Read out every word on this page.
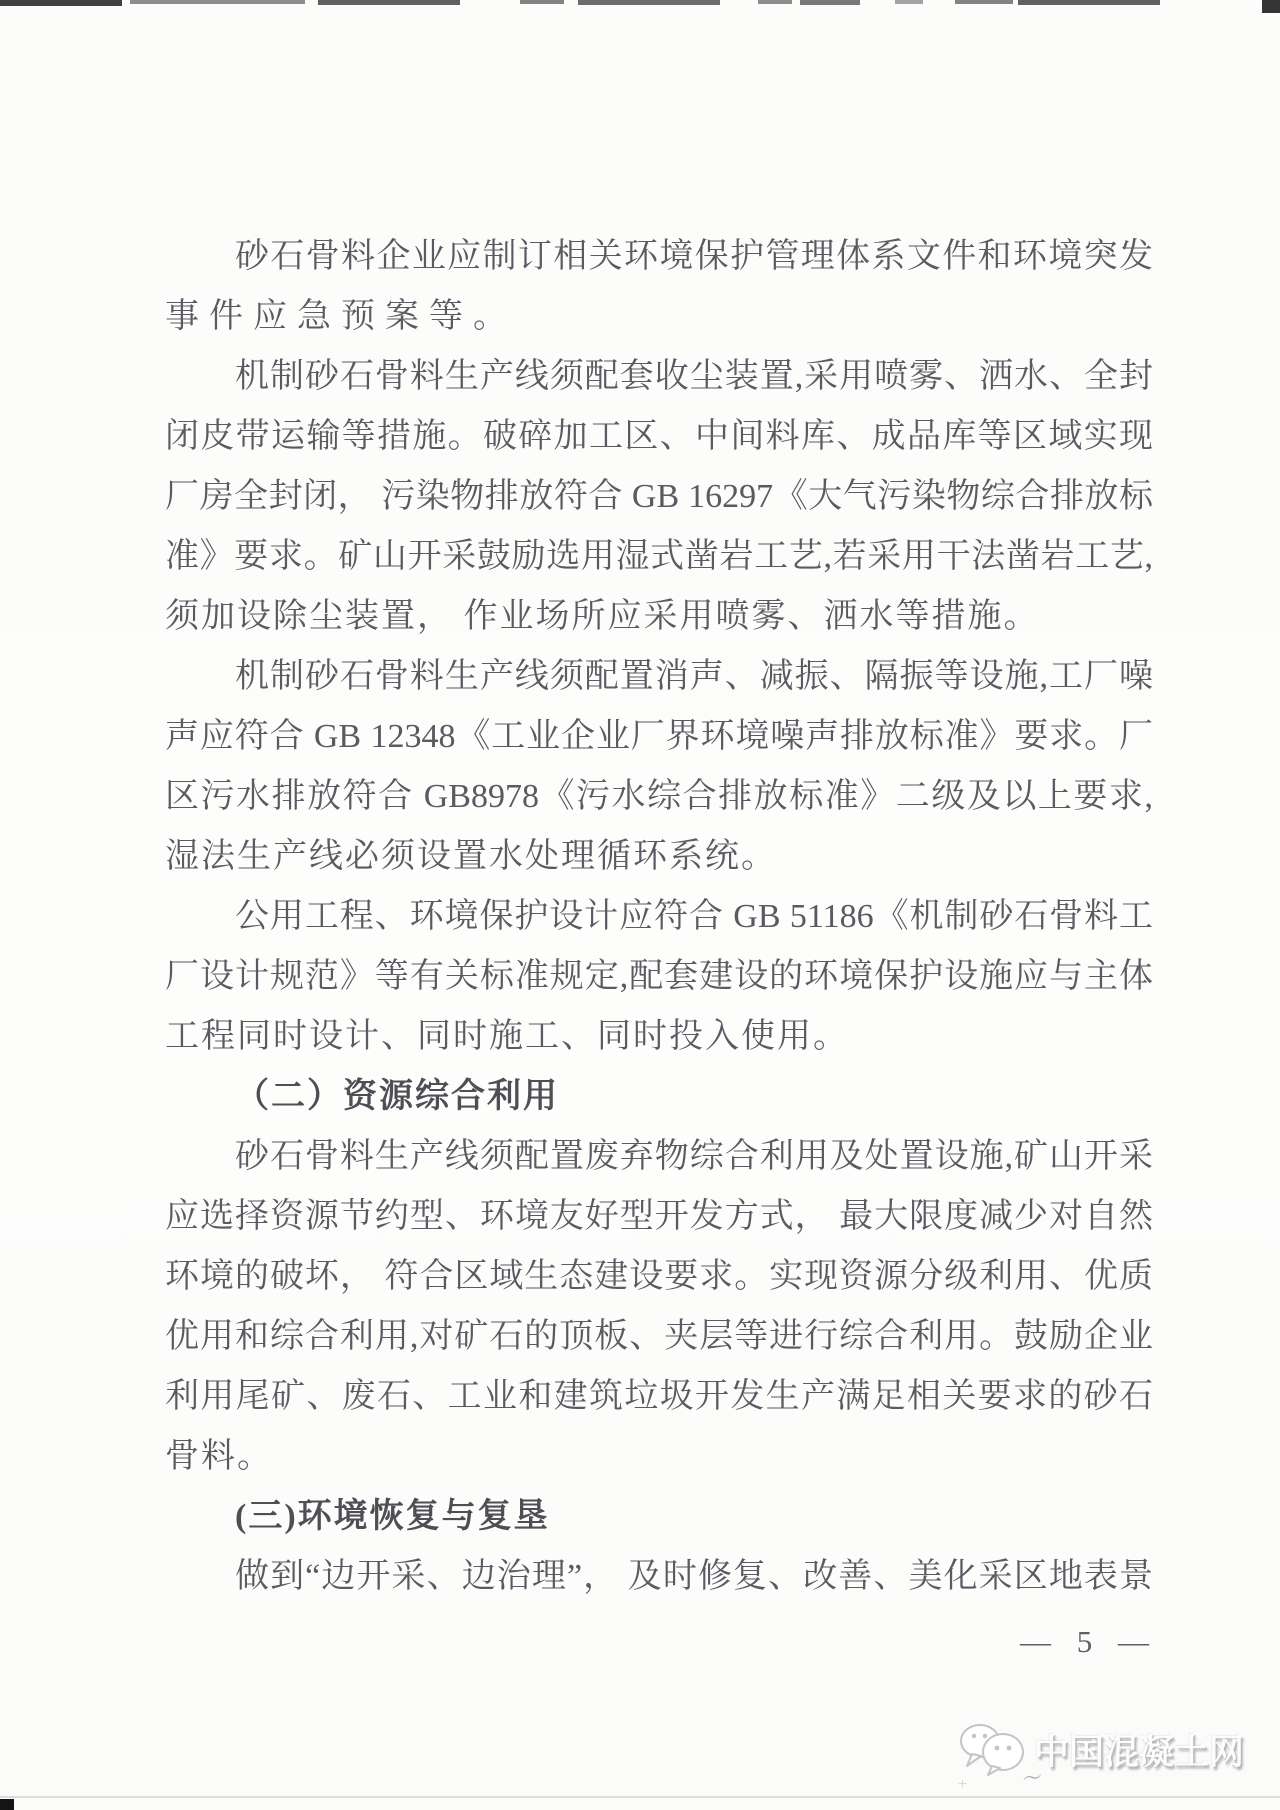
砂石骨料企业应制订相关环境保护管理体系文件和环境突发
事件应急预案等。
机制砂石骨料生产线须配套收尘装置,采用喷雾、洒水、全封
闭皮带运输等措施。破碎加工区、中间料库、成品库等区域实现
厂房全封闭， 污染物排放符合 GB 16297《大气污染物综合排放标
准》要求。矿山开采鼓励选用湿式凿岩工艺,若采用干法凿岩工艺,
须加设除尘装置， 作业场所应采用喷雾、洒水等措施。
机制砂石骨料生产线须配置消声、减振、隔振等设施,工厂噪
声应符合 GB 12348《工业企业厂界环境噪声排放标准》要求。厂
区污水排放符合 GB8978《污水综合排放标准》二级及以上要求,
湿法生产线必须设置水处理循环系统。
公用工程、环境保护设计应符合 GB 51186《机制砂石骨料工
厂设计规范》等有关标准规定,配套建设的环境保护设施应与主体
工程同时设计、同时施工、同时投入使用。
（二）资源综合利用
砂石骨料生产线须配置废弃物综合利用及处置设施,矿山开采
应选择资源节约型、环境友好型开发方式， 最大限度减少对自然
环境的破坏， 符合区域生态建设要求。实现资源分级利用、优质
优用和综合利用,对矿石的顶板、夹层等进行综合利用。鼓励企业
利用尾矿、废石、工业和建筑垃圾开发生产满足相关要求的砂石
骨料。
(三)环境恢复与复垦
做到“边开采、边治理”， 及时修复、改善、美化采区地表景
— 5 —
中国混凝土网
〜
+
